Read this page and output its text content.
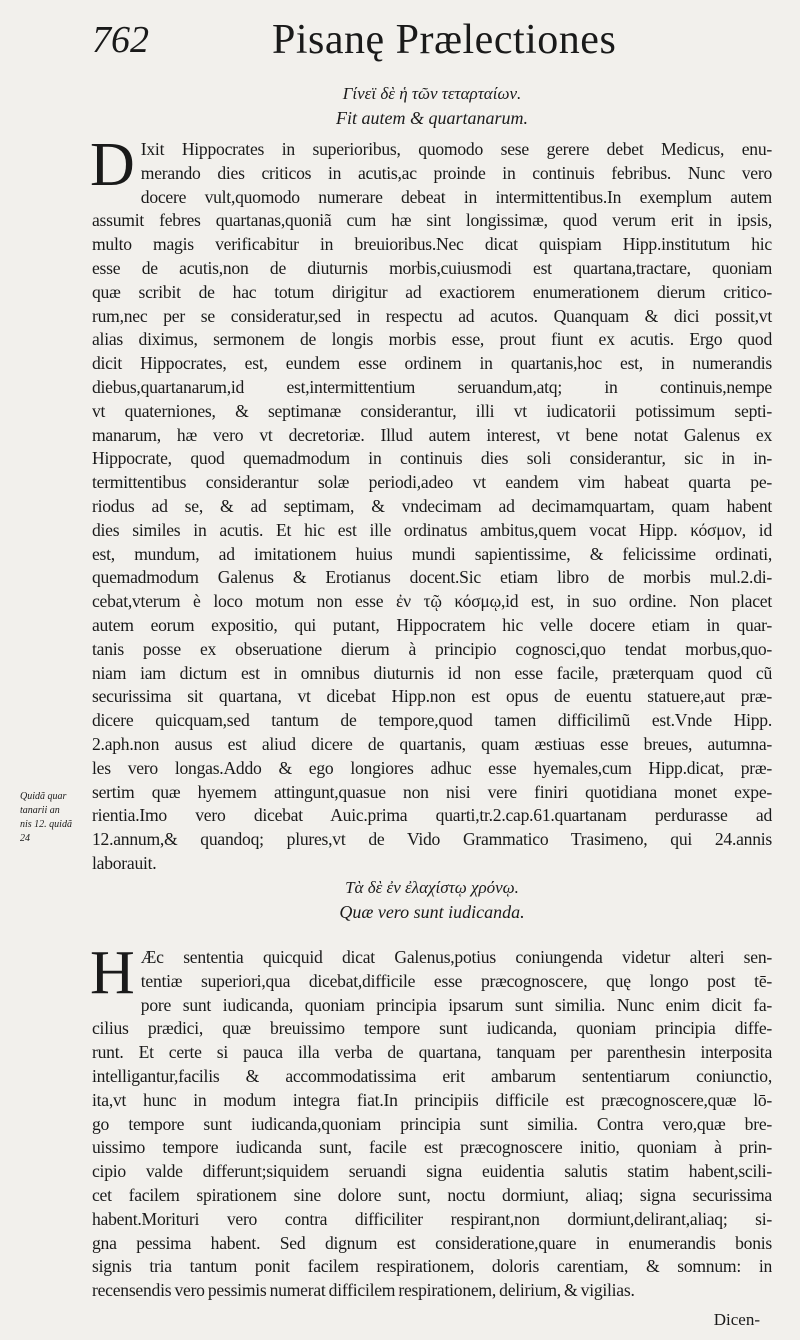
762	Pisanę Prælectiones
Γίνεϊ δὲ ἡ τῶν τεταρταίων.
Fit autem & quartanarum.
D Ixit Hippocrates in superioribus, quomodo sese gerere debet Medicus, enu-
merando dies criticos in acutis,ac proinde in continuis febribus. Nunc vero
docere vult,quomodo numerare debeat in intermittentibus.In exemplum autem
assumit febres quartanas,quoniã cum hæ sint longissimæ, quod verum erit in ipsis,
multo magis verificabitur in breuioribus.Nec dicat quispiam Hipp.institutum hic
esse de acutis,non de diuturnis morbis,cuiusmodi est quartana,tractare, quoniam
quæ scribit de hac totum dirigitur ad exactiorem enumerationem dierum critico-
rum,nec per se consideratur,sed in respectu ad acutos. Quanquam & dici possit,vt
alias diximus, sermonem de longis morbis esse, prout fiunt ex acutis. Ergo quod
dicit Hippocrates, est, eundem esse ordinem in quartanis,hoc est, in numerandis
diebus,quartanarum,id est,intermittentium seruandum,atq; in continuis,nempe
vt quaterniones, & septimanæ considerantur, illi vt iudicatorii potissimum septi-
manarum, hæ vero vt decretoriæ. Illud autem interest, vt bene notat Galenus ex
Hippocrate, quod quemadmodum in continuis dies soli considerantur, sic in in-
termittentibus considerantur solæ periodi,adeo vt eandem vim habeat quarta pe-
riodus ad se, & ad septimam, & vndecimam ad decimamquartam, quam habent
dies similes in acutis. Et hic est ille ordinatus ambitus,quem vocat Hipp. κόσμον, id
est, mundum, ad imitationem huius mundi sapientissime, & felicissime ordinati,
quemadmodum Galenus & Erotianus docent.Sic etiam libro de morbis mul.2.di-
cebat,vterum è loco motum non esse ἐν τῷ κόσμῳ,id est, in suo ordine. Non placet
autem eorum expositio, qui putant, Hippocratem hic velle docere etiam in quar-
tanis posse ex obseruatione dierum à principio cognosci,quo tendat morbus,quo-
niam iam dictum est in omnibus diuturnis id non esse facile, præterquam quod cũ
securissima sit quartana, vt dicebat Hipp.non est opus de euentu statuere,aut præ-
dicere quicquam,sed tantum de tempore,quod tamen difficilimũ est.Vnde Hipp.
2.aph.non ausus est aliud dicere de quartanis, quam æstiuas esse breues, autumna-
les vero longas.Addo & ego longiores adhuc esse hyemales,cum Hipp.dicat, præ-
sertim quæ hyemem attingunt,quasue non nisi vere finiri quotidiana monet expe-
rientia.Imo vero dicebat Auic.prima quarti,tr.2.cap.61.quartanam perdurasse ad
12.annum,& quandoq; plures,vt de Vido Grammatico Trasimeno, qui 24.annis
laborauit.
Quidã quar
tanarii an
nis 12. quidã
24
Τὰ δὲ ἐν ἐλαχίστῳ χρόνῳ.
Quæ vero sunt iudicanda.
H Æc sententia quicquid dicat Galenus,potius coniungenda videtur alteri sen-
tentiæ superiori,qua dicebat,difficile esse præcognoscere, quę longo post tē-
pore sunt iudicanda, quoniam principia ipsarum sunt similia. Nunc enim dicit fa-
cilius prædici, quæ breuissimo tempore sunt iudicanda, quoniam principia diffe-
runt. Et certe si pauca illa verba de quartana, tanquam per parenthesin interposita
intelligantur,facilis & accommodatissima erit ambarum sententiarum coniunctio,
ita,vt hunc in modum integra fiat.In principiis difficile est præcognoscere,quæ lō-
go tempore sunt iudicanda,quoniam principia sunt similia. Contra vero,quæ bre-
uissimo tempore iudicanda sunt, facile est præcognoscere initio, quoniam à prin-
cipio valde differunt;siquidem seruandi signa euidentia salutis statim habent,scili-
cet facilem spirationem sine dolore sunt, noctu dormiunt, aliaq; signa securissima
habent.Morituri vero contra difficiliter respirant,non dormiunt,delirant,aliaq; si-
gna pessima habent. Sed dignum est consideratione,quare in enumerandis bonis
signis tria tantum ponit facilem respirationem, doloris carentiam, & somnum: in
recensendis vero pessimis numerat difficilem respirationem, delirium, & vigilias.
Dicen-
